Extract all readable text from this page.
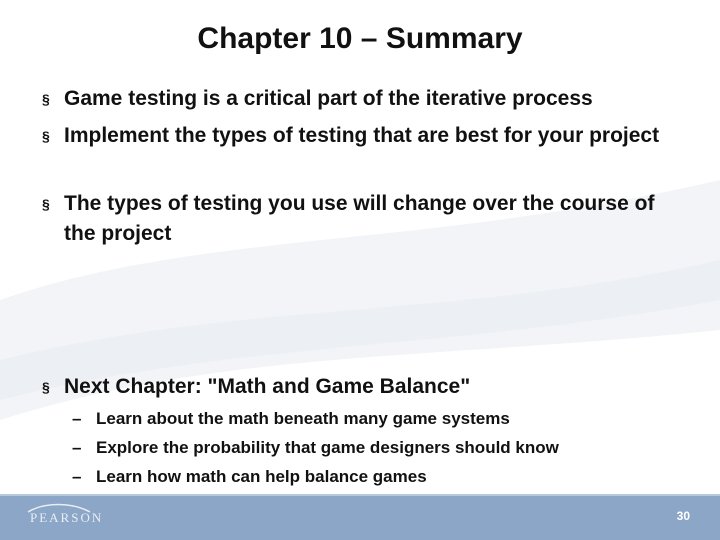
Chapter 10 – Summary
§ Game testing is a critical part of the iterative process
§ Implement the types of testing that are best for your project
§ The types of testing you use will change over the course of the project
§ Next Chapter: "Math and Game Balance"
– Learn about the math beneath many game systems
– Explore the probability that game designers should know
– Learn how math can help balance games
PEARSON	30
